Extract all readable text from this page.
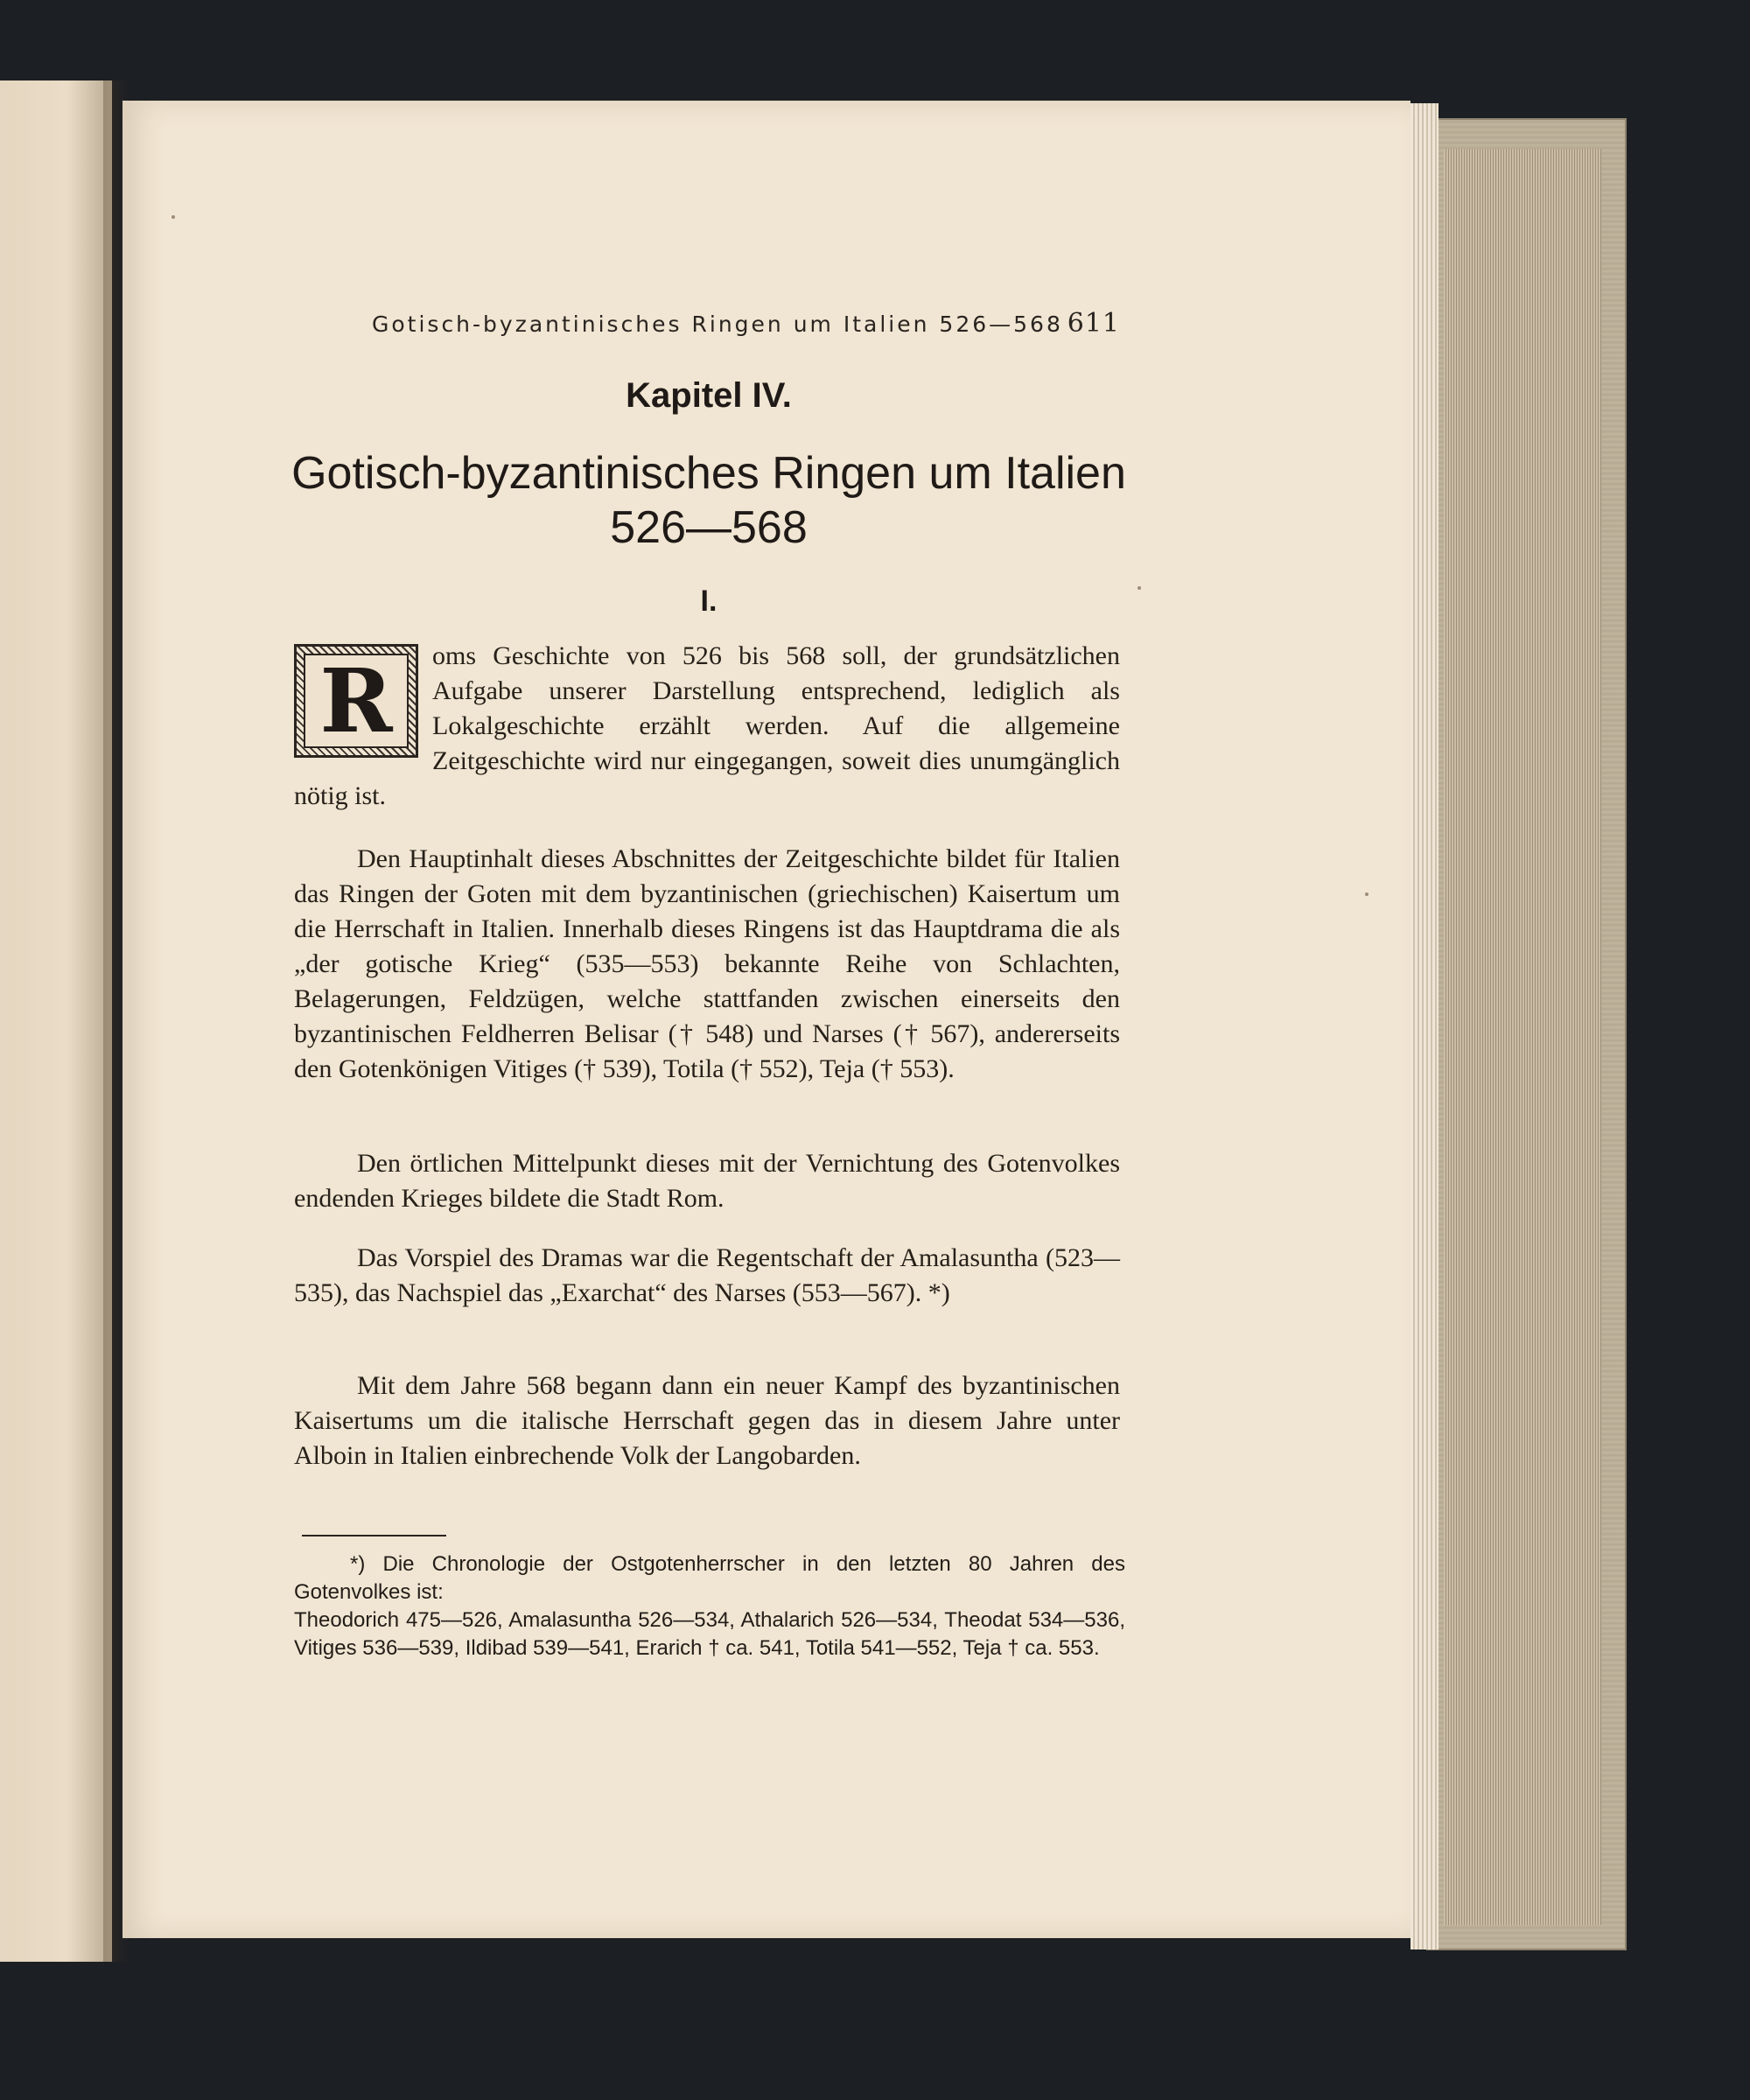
Gotisch-byzantinisches Ringen um Italien 526—568 611
Kapitel IV.
Gotisch-byzantinisches Ringen um Italien
526—568
I.
R	oms Geschichte von 526 bis 568 soll, der grundsätzlichen Aufgabe unserer Darstellung entsprechend, lediglich als Lokalgeschichte erzählt werden. Auf die allgemeine Zeitgeschichte wird nur eingegangen, soweit dies unumgänglich nötig ist.
Den Hauptinhalt dieses Abschnittes der Zeitgeschichte bildet für Italien das Ringen der Goten mit dem byzantinischen (griechischen) Kaisertum um die Herrschaft in Italien. Innerhalb dieses Ringens ist das Hauptdrama die als „der gotische Krieg“ (535—553) bekannte Reihe von Schlachten, Belagerungen, Feldzügen, welche stattfanden zwischen einerseits den byzantinischen Feldherren Belisar († 548) und Narses († 567), andererseits den Gotenkönigen Vitiges († 539), Totila († 552), Teja († 553).
Den örtlichen Mittelpunkt dieses mit der Vernichtung des Gotenvolkes endenden Krieges bildete die Stadt Rom.
Das Vorspiel des Dramas war die Regentschaft der Amalasuntha (523—535), das Nachspiel das „Exarchat“ des Narses (553—567). *)
Mit dem Jahre 568 begann dann ein neuer Kampf des byzantinischen Kaisertums um die italische Herrschaft gegen das in diesem Jahre unter Alboin in Italien einbrechende Volk der Langobarden.
*) Die Chronologie der Ostgotenherrscher in den letzten 80 Jahren des Gotenvolkes ist:
Theodorich 475—526, Amalasuntha 526—534, Athalarich 526—534, Theodat 534—536, Vitiges 536—539, Ildibad 539—541, Erarich † ca. 541, Totila 541—552, Teja † ca. 553.
